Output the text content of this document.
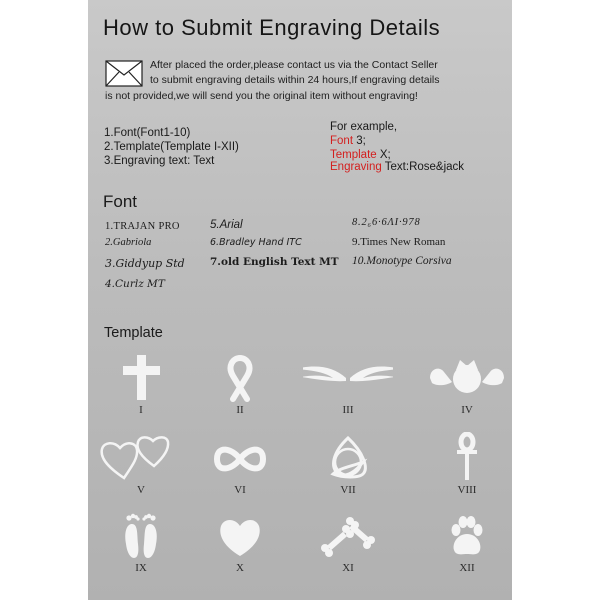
How to Submit Engraving Details
After placed the order,please contact us via the Contact Seller
to submit engraving details within 24 hours,If engraving details
is not provided,we will send you the original item without engraving!
1.Font(Font1-10)
2.Template(Template I-XII)
3.Engraving text: Text
For example,
Font 3;
Template X;
Engraving Text:Rose&jack
Font
1.TRAJAN PRO
2.Gabriola
3.Giddyup Std
4.Curlz MT
5.Arial
6.Bradley Hand ITC
7.old English Text MT
8.2₆6·6ΛΙ·978
9.Times New Roman
10.Monotype Corsiva
Template
I	II	III	IV
V	VI	VII	VIII
IX	X	XI	XII
